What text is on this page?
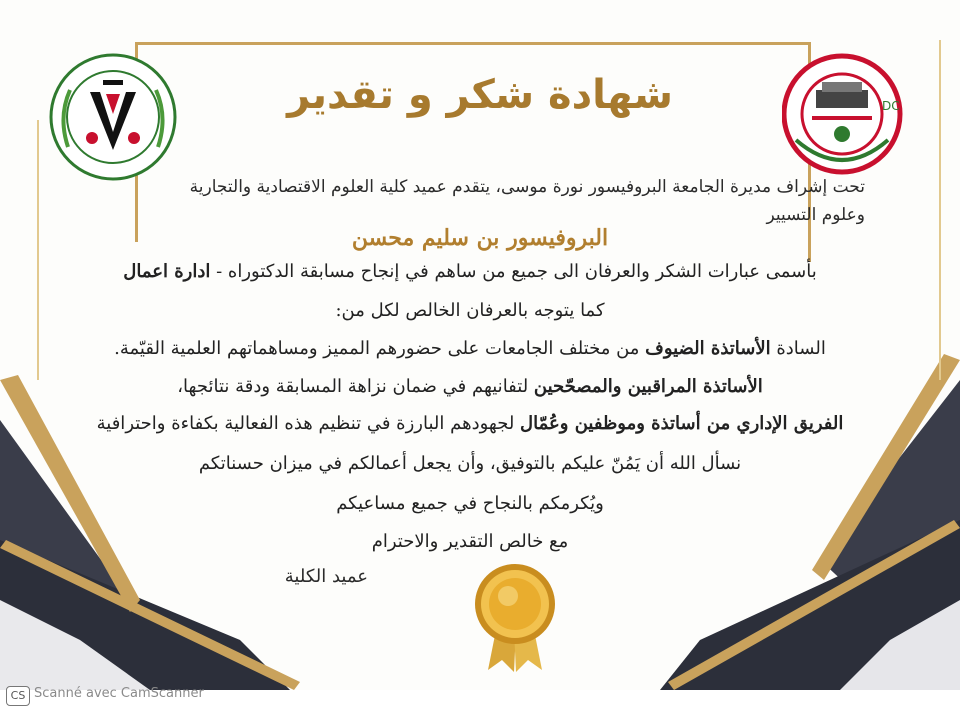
DC
شهادة شكر و تقدير
تحت إشراف مديرة الجامعة البروفيسور نورة موسى، يتقدم عميد كلية العلوم الاقتصادية والتجارية
وعلوم التسيير
البروفيسور بن سليم محسن
بأسمى عبارات الشكر والعرفان الى جميع من ساهم في إنجاح مسابقة الدكتوراه - ادارة اعمال
كما يتوجه بالعرفان الخالص لكل من:
السادة الأساتذة الضيوف من مختلف الجامعات على حضورهم المميز ومساهماتهم العلمية القيّمة.
الأساتذة المراقبين والمصحّحين لتفانيهم في ضمان نزاهة المسابقة ودقة نتائجها،
الفريق الإداري من أساتذة وموظفين وعُمّال لجهودهم البارزة في تنظيم هذه الفعالية بكفاءة واحترافية
نسأل الله أن يَمُنّ عليكم بالتوفيق، وأن يجعل أعمالكم في ميزان حسناتكم
ويُكرمكم بالنجاح في جميع مساعيكم
مع خالص التقدير والاحترام
عميد الكلية
CS Scanné avec CamScanner
